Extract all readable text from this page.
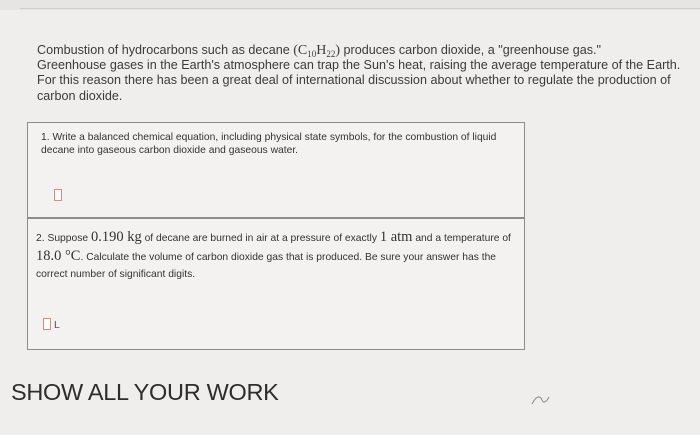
Combustion of hydrocarbons such as decane $(C_{10}H_{22})$ produces carbon dioxide, a "greenhouse gas."
Greenhouse gases in the Earth's atmosphere can trap the Sun's heat, raising the average temperature of the Earth. For this reason there has been a great deal of international discussion about whether to regulate the production of carbon dioxide.
1. Write a balanced chemical equation, including physical state symbols, for the combustion of liquid decane into gaseous carbon dioxide and gaseous water.
2. Suppose 0.190 kg of decane are burned in air at a pressure of exactly 1 atm and a temperature of 18.0 °C. Calculate the volume of carbon dioxide gas that is produced. Be sure your answer has the correct number of significant digits.
L
SHOW ALL YOUR WORK
